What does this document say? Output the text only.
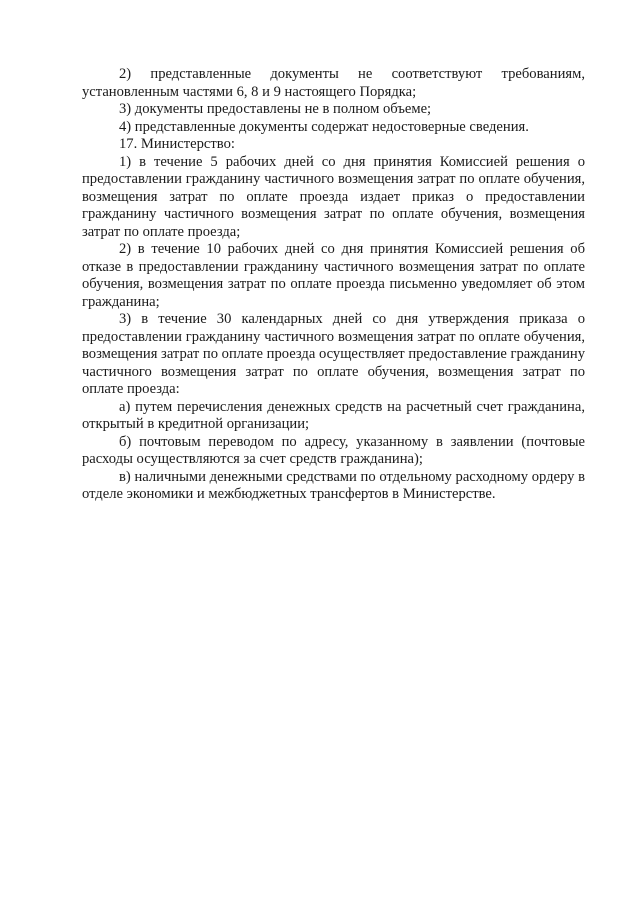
2) представленные документы не соответствуют требованиям, установленным частями 6, 8 и 9 настоящего Порядка;

3) документы предоставлены не в полном объеме;

4) представленные документы содержат недостоверные сведения.

17. Министерство:

1) в течение 5 рабочих дней со дня принятия Комиссией решения о предоставлении гражданину частичного возмещения затрат по оплате обучения, возмещения затрат по оплате проезда издает приказ о предоставлении гражданину частичного возмещения затрат по оплате обучения, возмещения затрат по оплате проезда;

2) в течение 10 рабочих дней со дня принятия Комиссией решения об отказе в предоставлении гражданину частичного возмещения затрат по оплате обучения, возмещения затрат по оплате проезда письменно уведомляет об этом гражданина;

3) в течение 30 календарных дней со дня утверждения приказа о предоставлении гражданину частичного возмещения затрат по оплате обучения, возмещения затрат по оплате проезда осуществляет предоставление гражданину частичного возмещения затрат по оплате обучения, возмещения затрат по оплате проезда:

а) путем перечисления денежных средств на расчетный счет гражданина, открытый в кредитной организации;

б) почтовым переводом по адресу, указанному в заявлении (почтовые расходы осуществляются за счет средств гражданина);

в) наличными денежными средствами по отдельному расходному ордеру в отделе экономики и межбюджетных трансфертов в Министерстве.
